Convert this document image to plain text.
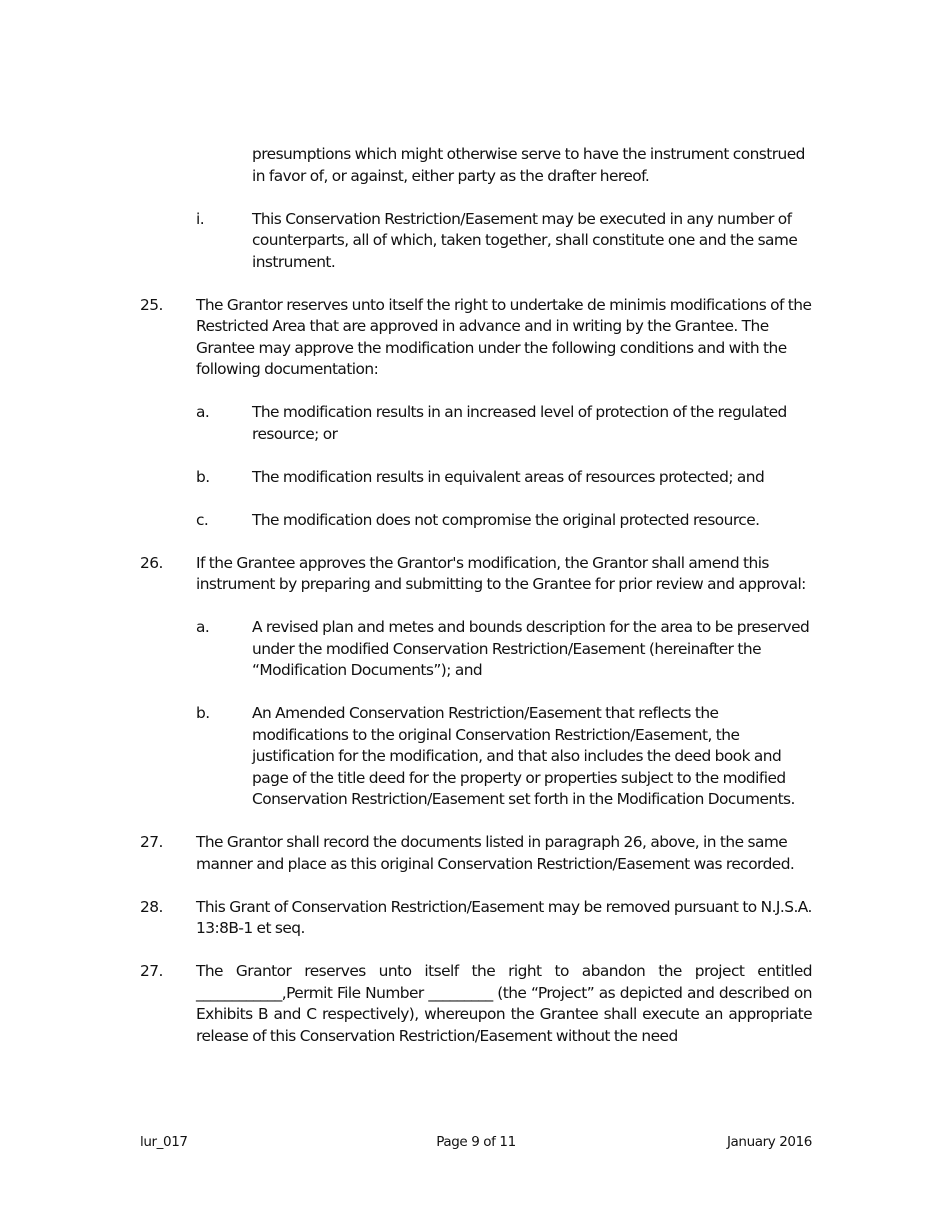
presumptions which might otherwise serve to have the instrument construed in favor of, or against, either party as the drafter hereof.
i.	This Conservation Restriction/Easement may be executed in any number of counterparts, all of which, taken together, shall constitute one and the same instrument.
25. The Grantor reserves unto itself the right to undertake de minimis modifications of the Restricted Area that are approved in advance and in writing by the Grantee. The Grantee may approve the modification under the following conditions and with the following documentation:
a.	The modification results in an increased level of protection of the regulated resource; or
b.	The modification results in equivalent areas of resources protected; and
c.	The modification does not compromise the original protected resource.
26. If the Grantee approves the Grantor's modification, the Grantor shall amend this instrument by preparing and submitting to the Grantee for prior review and approval:
a.	A revised plan and metes and bounds description for the area to be preserved under the modified Conservation Restriction/Easement (hereinafter the “Modification Documents”); and
b.	An Amended Conservation Restriction/Easement that reflects the modifications to the original Conservation Restriction/Easement, the justification for the modification, and that also includes the deed book and page of the title deed for the property or properties subject to the modified Conservation Restriction/Easement set forth in the Modification Documents.
27. The Grantor shall record the documents listed in paragraph 26, above, in the same manner and place as this original Conservation Restriction/Easement was recorded.
28. This Grant of Conservation Restriction/Easement may be removed pursuant to N.J.S.A. 13:8B-1 et seq.
27. The Grantor reserves unto itself the right to abandon the project entitled ____________,Permit File Number _________ (the “Project” as depicted and described on Exhibits B and C respectively), whereupon the Grantee shall execute an appropriate release of this Conservation Restriction/Easement without the need
lur_017	Page 9 of 11	January 2016
